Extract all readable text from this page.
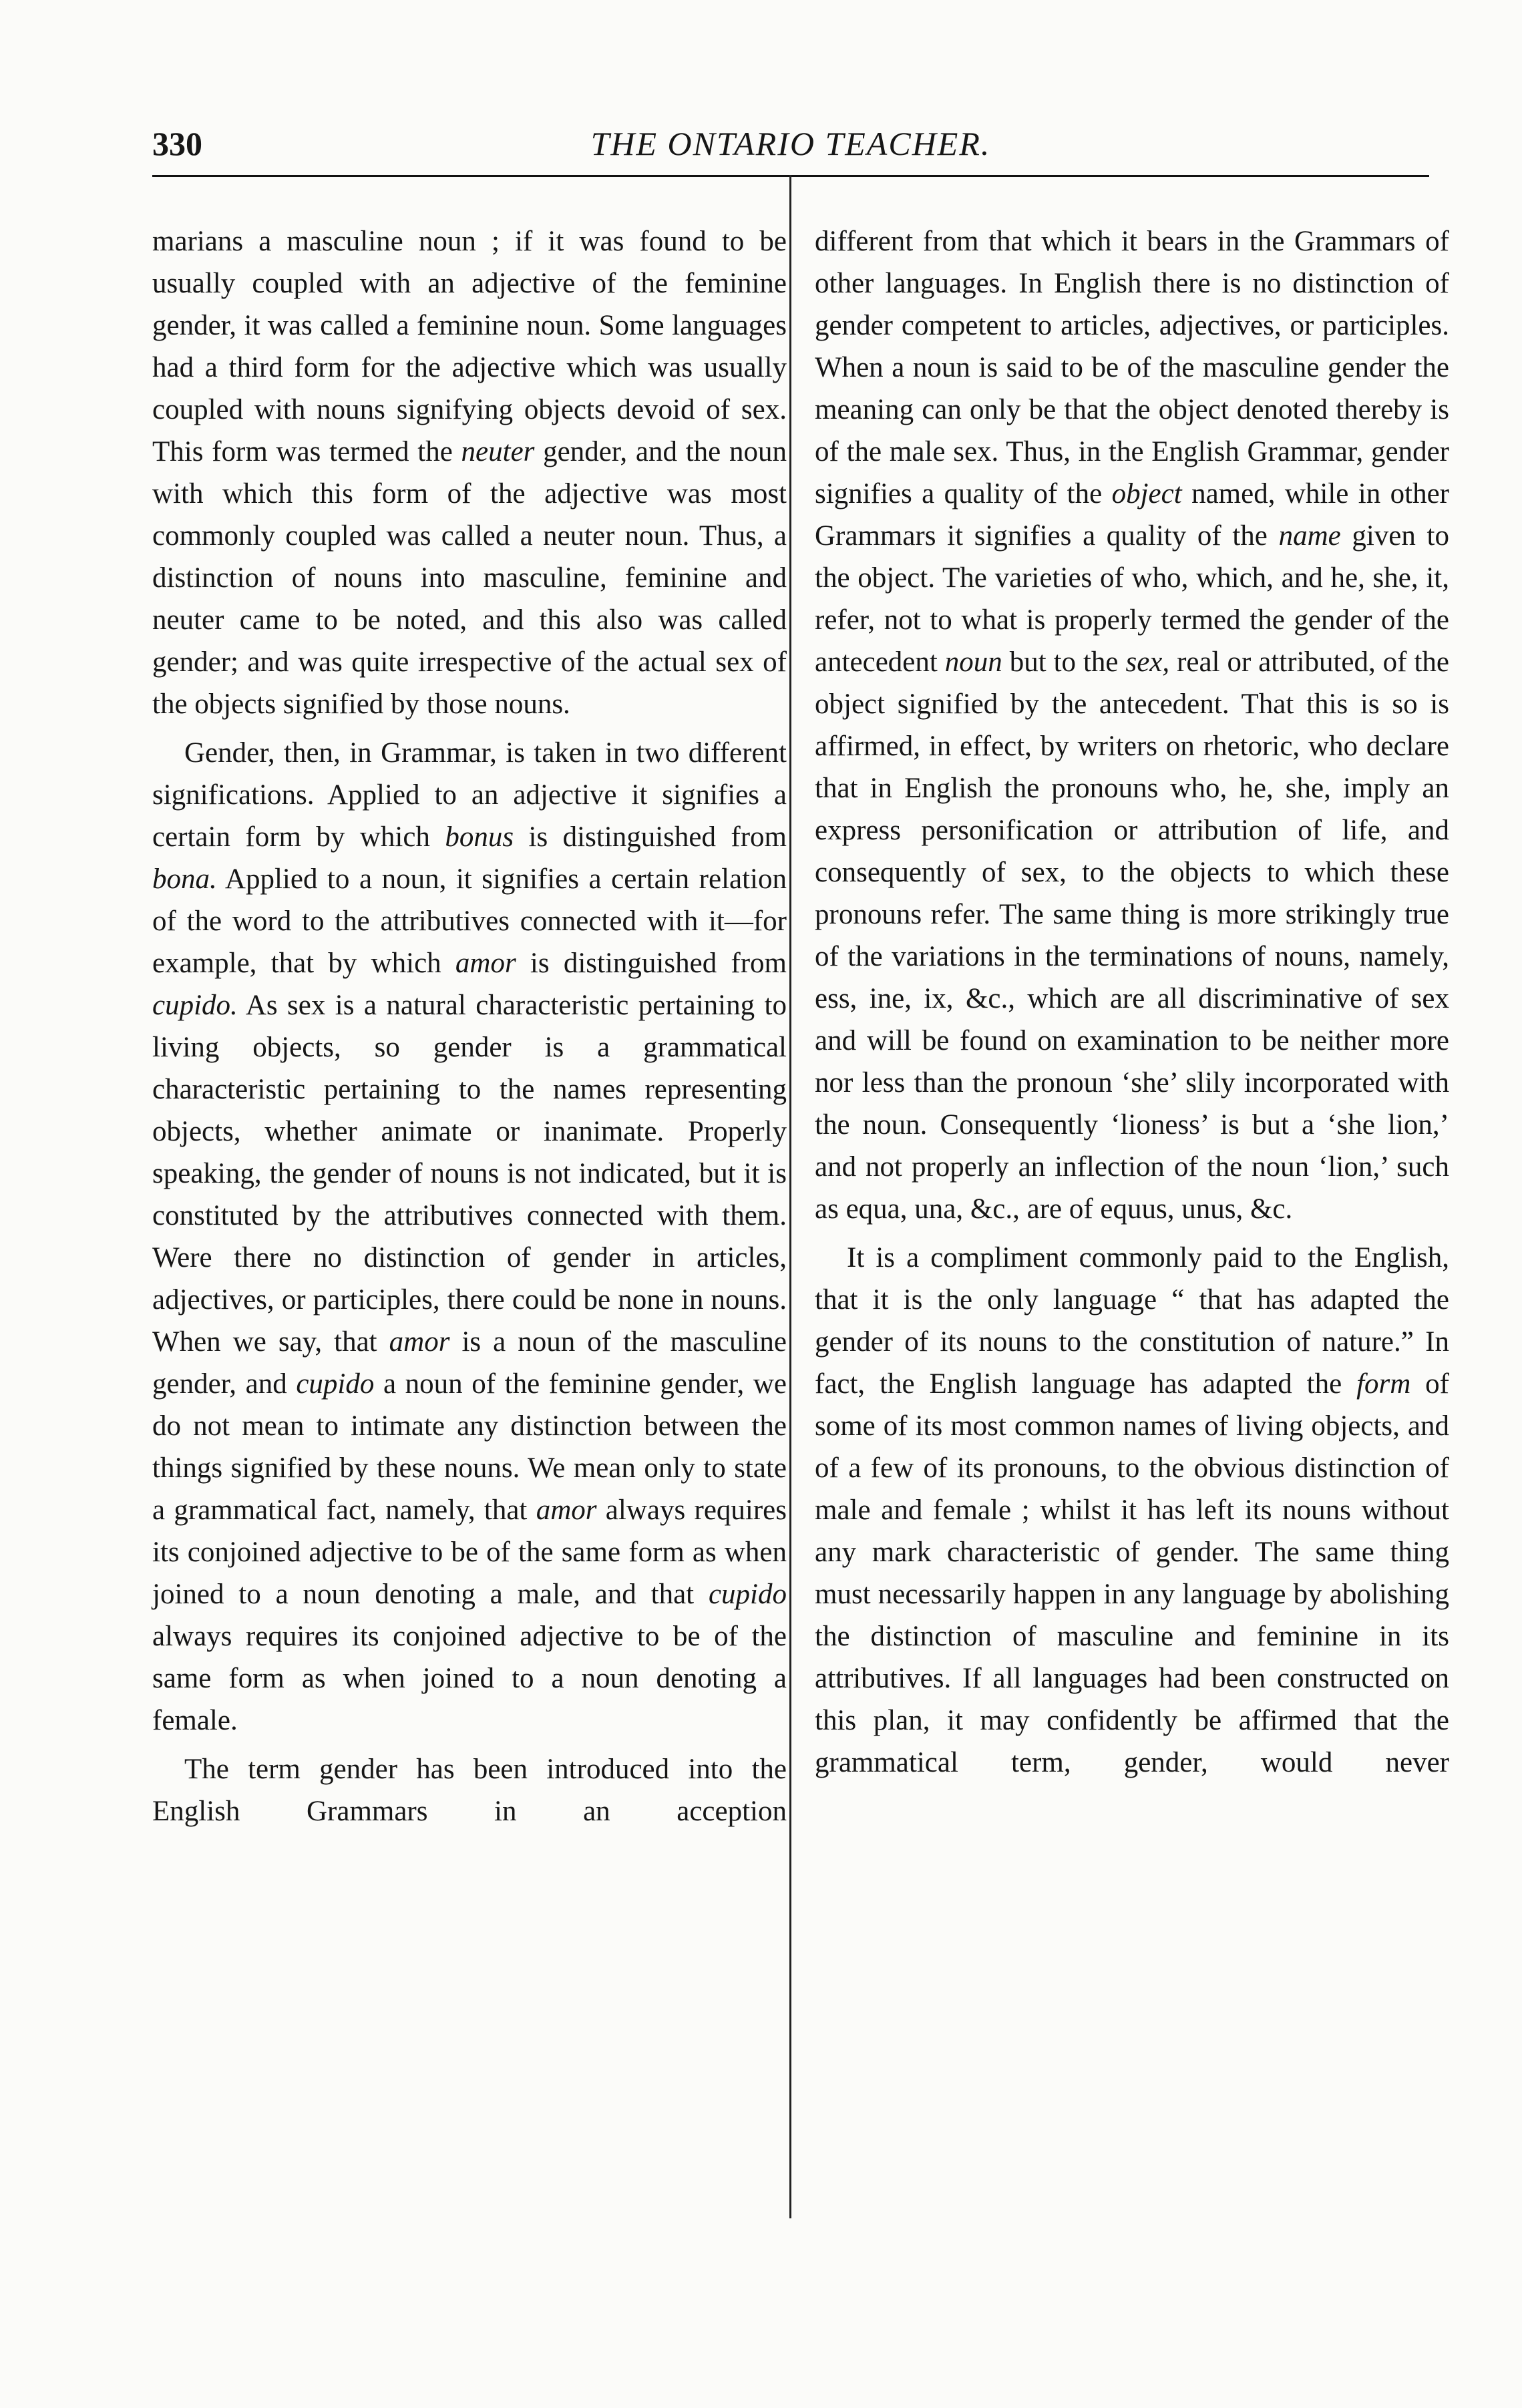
330	THE ONTARIO TEACHER.

marians a masculine noun ; if it was found to be usually coupled with an adjective of the feminine gender, it was called a feminine noun. Some languages had a third form for the adjective which was usually coupled with nouns signifying objects devoid of sex. This form was termed the neuter gender, and the noun with which this form of the adjective was most commonly coupled was called a neuter noun. Thus, a distinction of nouns into masculine, feminine and neuter came to be noted, and this also was called gender; and was quite irrespective of the actual sex of the objects signified by those nouns.

Gender, then, in Grammar, is taken in two different significations. Applied to an adjective it signifies a certain form by which bonus is distinguished from bona. Applied to a noun, it signifies a certain relation of the word to the attributives connected with it—for example, that by which amor is distinguished from cupido. As sex is a natural characteristic pertaining to living objects, so gender is a grammatical characteristic pertaining to the names representing objects, whether animate or inanimate. Properly speaking, the gender of nouns is not indicated, but it is constituted by the attributives connected with them. Were there no distinction of gender in articles, adjectives, or participles, there could be none in nouns. When we say, that amor is a noun of the masculine gender, and cupido a noun of the feminine gender, we do not mean to intimate any distinction between the things signified by these nouns. We mean only to state a grammatical fact, namely, that amor always requires its conjoined adjective to be of the same form as when joined to a noun denoting a male, and that cupido always requires its conjoined adjective to be of the same form as when joined to a noun denoting a female.

The term gender has been introduced into the English Grammars in an acception

different from that which it bears in the Grammars of other languages. In English there is no distinction of gender competent to articles, adjectives, or participles. When a noun is said to be of the masculine gender the meaning can only be that the object denoted thereby is of the male sex. Thus, in the English Grammar, gender signifies a quality of the object named, while in other Grammars it signifies a quality of the name given to the object. The varieties of who, which, and he, she, it, refer, not to what is properly termed the gender of the antecedent noun but to the sex, real or attributed, of the object signified by the antecedent. That this is so is affirmed, in effect, by writers on rhetoric, who declare that in English the pronouns who, he, she, imply an express personification or attribution of life, and consequently of sex, to the objects to which these pronouns refer. The same thing is more strikingly true of the variations in the terminations of nouns, namely, ess, ine, ix, &c., which are all discriminative of sex and will be found on examination to be neither more nor less than the pronoun ‘she’ slily incorporated with the noun. Consequently ‘lioness’ is but a ‘she lion,’ and not properly an inflection of the noun ‘lion,’ such as equa, una, &c., are of equus, unus, &c.

It is a compliment commonly paid to the English, that it is the only language “ that has adapted the gender of its nouns to the constitution of nature.” In fact, the English language has adapted the form of some of its most common names of living objects, and of a few of its pronouns, to the obvious distinction of male and female ; whilst it has left its nouns without any mark characteristic of gender. The same thing must necessarily happen in any language by abolishing the distinction of masculine and feminine in its attributives. If all languages had been constructed on this plan, it may confidently be affirmed that the grammatical term, gender, would never
